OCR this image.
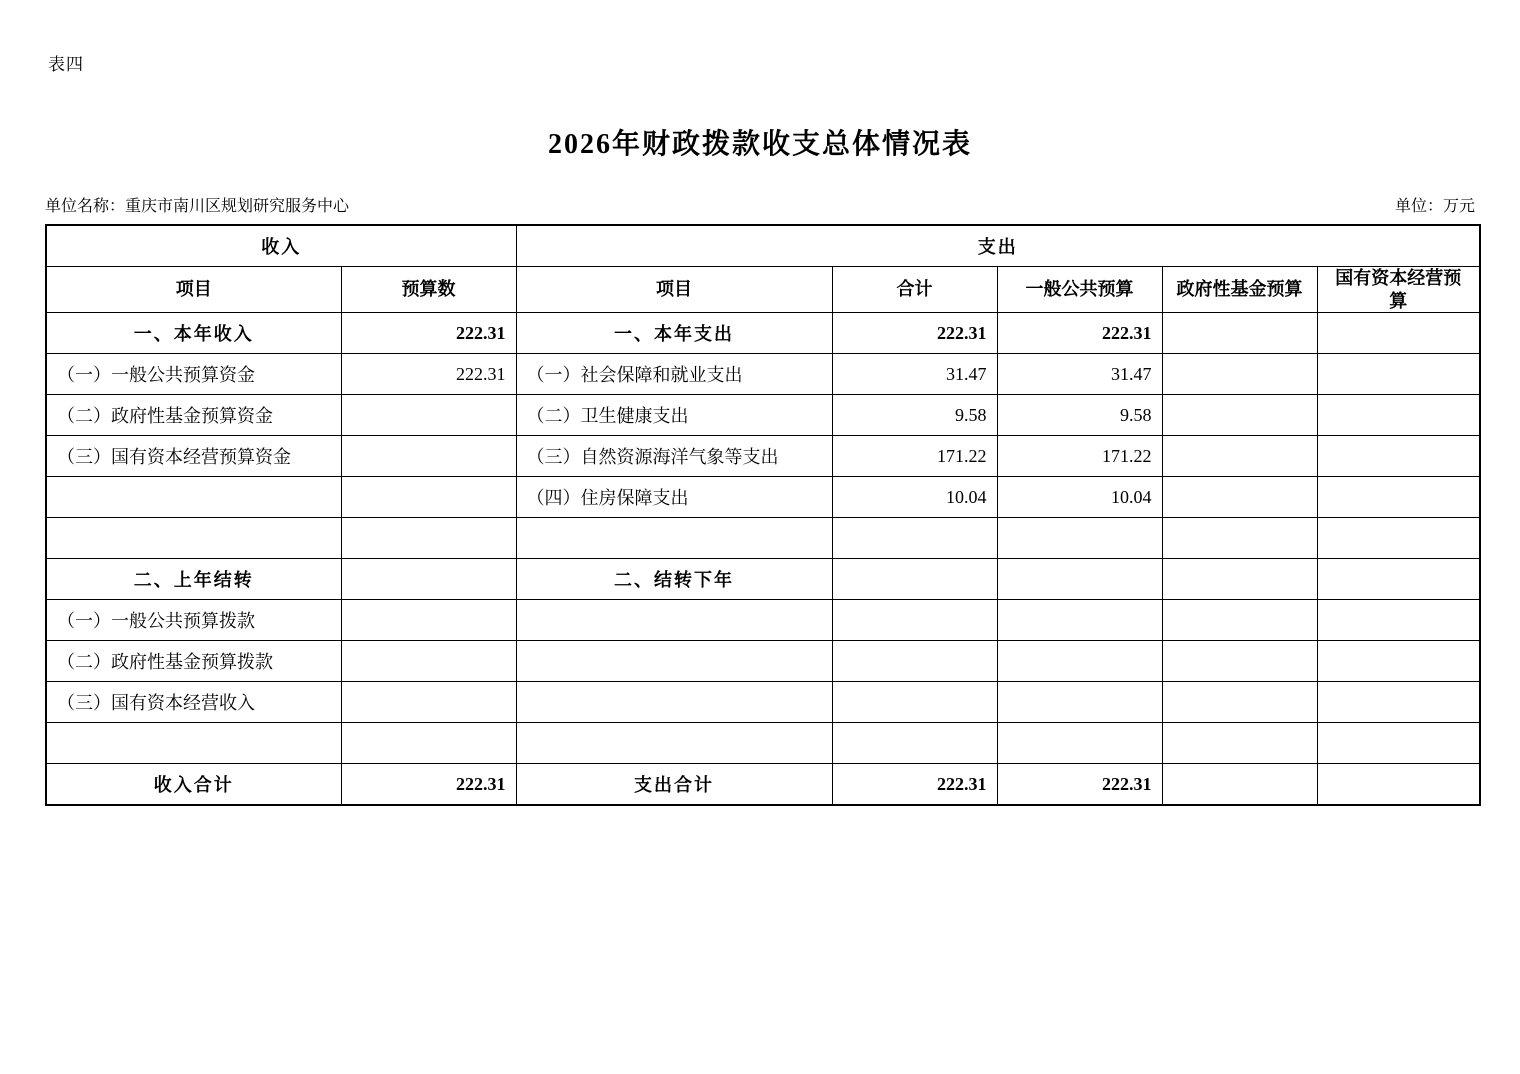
表四
2026年财政拨款收支总体情况表
单位名称：重庆市南川区规划研究服务中心	单位：万元
收入		支出				
项目	预算数	项目	合计	一般公共预算	政府性基金预算	国有资本经营预算
一、本年收入	222.31	一、本年支出	222.31	222.31		
（一）一般公共预算资金	222.31	（一）社会保障和就业支出	31.47	31.47		
（二）政府性基金预算资金		（二）卫生健康支出	9.58	9.58		
（三）国有资本经营预算资金		（三）自然资源海洋气象等支出	171.22	171.22		
		（四）住房保障支出	10.04	10.04		

二、上年结转		二、结转下年				
（一）一般公共预算拨款						
（二）政府性基金预算拨款						
（三）国有资本经营收入						

收入合计	222.31	支出合计	222.31	222.31		
